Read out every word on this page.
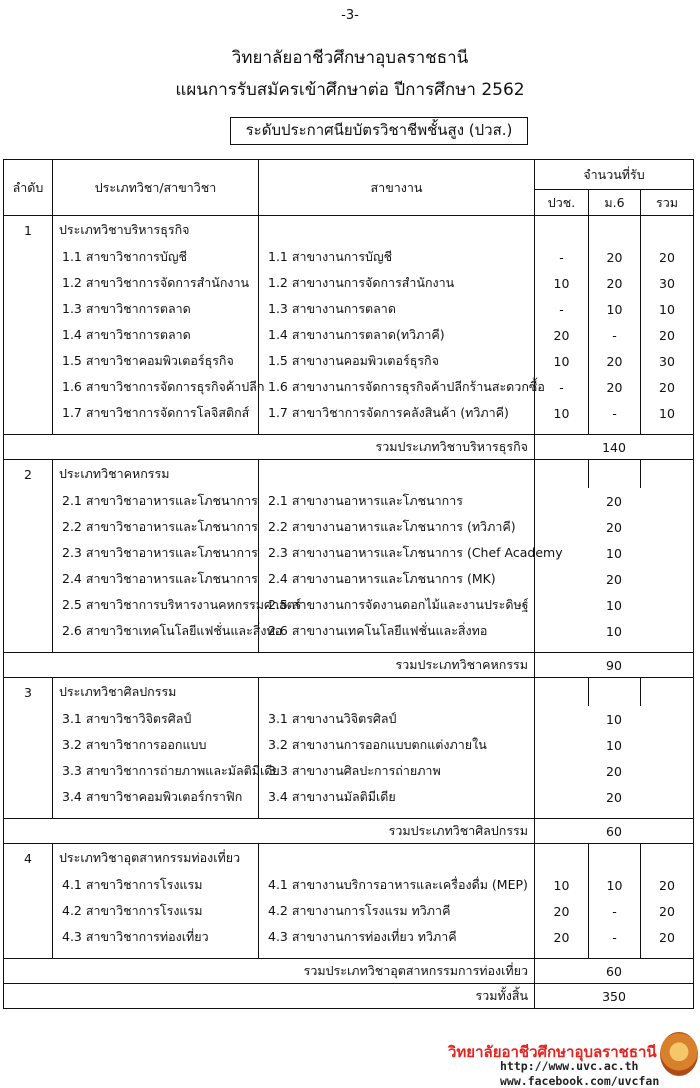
-3-
วิทยาลัยอาชีวศึกษาอุบลราชธานี
แผนการรับสมัครเข้าศึกษาต่อ ปีการศึกษา 2562
ระดับประกาศนียบัตรวิชาชีพชั้นสูง (ปวส.)
ลำดับ	ประเภทวิชา/สาขาวิชา	สาขางาน	จำนวนที่รับ		
			ปวช.	ม.6	รวม
1	ประเภทวิชาบริหารธุรกิจ				
	1.1 สาขาวิชาการบัญชี	1.1 สาขางานการบัญชี	-	20	20
	1.2 สาขาวิชาการจัดการสำนักงาน	1.2 สาขางานการจัดการสำนักงาน	10	20	30
	1.3 สาขาวิชาการตลาด	1.3 สาขางานการตลาด	-	10	10
	1.4 สาขาวิชาการตลาด	1.4 สาขางานการตลาด(ทวิภาคี)	20	-	20
	1.5 สาขาวิชาคอมพิวเตอร์ธุรกิจ	1.5 สาขางานคอมพิวเตอร์ธุรกิจ	10	20	30
	1.6 สาขาวิชาการจัดการธุรกิจค้าปลีก	1.6 สาขางานการจัดการธุรกิจค้าปลีกร้านสะดวกซื้อ	-	20	20
	1.7 สาขาวิชาการจัดการโลจิสติกส์	1.7 สาขาวิชาการจัดการคลังสินค้า (ทวิภาคี)	10	-	10

รวมประเภทวิชาบริหารธุรกิจ			140		
2	ประเภทวิชาคหกรรม				
	2.1 สาขาวิชาอาหารและโภชนาการ	2.1 สาขางานอาหารและโภชนาการ	20		
	2.2 สาขาวิชาอาหารและโภชนาการ	2.2 สาขางานอาหารและโภชนาการ (ทวิภาคี)	20		
	2.3 สาขาวิชาอาหารและโภชนาการ	2.3 สาขางานอาหารและโภชนาการ (Chef Academy	10		
	2.4 สาขาวิชาอาหารและโภชนาการ	2.4 สาขางานอาหารและโภชนาการ (MK)	20		
	2.5 สาขาวิชาการบริหารงานคหกรรมศาสตร์	2.5 สาขางานการจัดงานดอกไม้และงานประดิษฐ์	10		
	2.6 สาขาวิชาเทคโนโลยีแฟชั่นและสิ่งทอ	2.6 สาขางานเทคโนโลยีแฟชั่นและสิ่งทอ	10		

รวมประเภทวิชาคหกรรม			90		
3	ประเภทวิชาศิลปกรรม				
	3.1 สาขาวิชาวิจิตรศิลป์	3.1 สาขางานวิจิตรศิลป์	10		
	3.2 สาขาวิชาการออกแบบ	3.2 สาขางานการออกแบบตกแต่งภายใน	10		
	3.3 สาขาวิชาการถ่ายภาพและมัลติมีเดีย	3.3 สาขางานศิลปะการถ่ายภาพ	20		
	3.4 สาขาวิชาคอมพิวเตอร์กราฟิก	3.4 สาขางานมัลติมีเดีย	20		

รวมประเภทวิชาศิลปกรรม			60		
4	ประเภทวิชาอุตสาหกรรมท่องเที่ยว				
	4.1 สาขาวิชาการโรงแรม	4.1 สาขางานบริการอาหารและเครื่องดื่ม (MEP)	10	10	20
	4.2 สาขาวิชาการโรงแรม	4.2 สาขางานการโรงแรม ทวิภาคี	20	-	20
	4.3 สาขาวิชาการท่องเที่ยว	4.3 สาขางานการท่องเที่ยว ทวิภาคี	20	-	20

รวมประเภทวิชาอุตสาหกรรมการท่องเที่ยว			60		
รวมทั้งสิ้น			350		
วิทยาลัยอาชีวศึกษาอุบลราชธานี
http://www.uvc.ac.th
www.facebook.com/uvcfan
